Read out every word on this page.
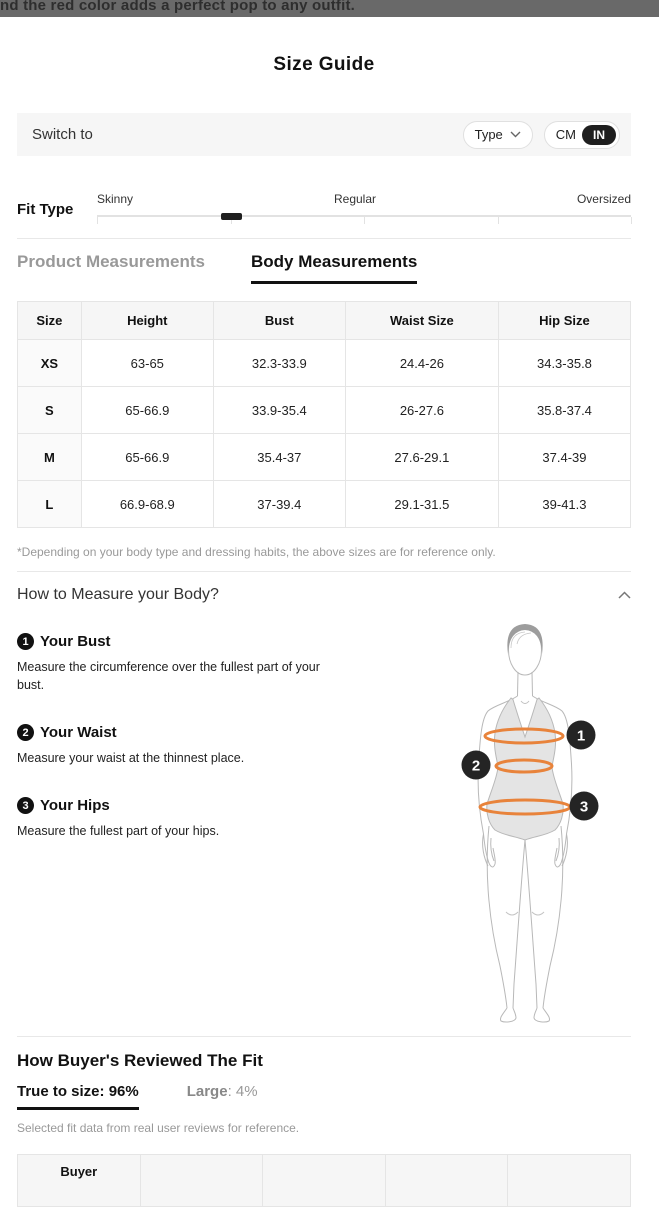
nd the red color adds a perfect pop to any outfit.
Size Guide
Switch to	Type	CM	IN
Fit Type
Skinny	Regular	Oversized
Product Measurements	Body Measurements
Size	Height	Bust	Waist Size	Hip Size
XS	63-65	32.3-33.9	24.4-26	34.3-35.8
S	65-66.9	33.9-35.4	26-27.6	35.8-37.4
M	65-66.9	35.4-37	27.6-29.1	37.4-39
L	66.9-68.9	37-39.4	29.1-31.5	39-41.3
*Depending on your body type and dressing habits, the above sizes are for reference only.
How to Measure your Body?
1 Your Bust
Measure the circumference over the fullest part of your bust.
2 Your Waist
Measure your waist at the thinnest place.
3 Your Hips
Measure the fullest part of your hips.
1
2
3
How Buyer's Reviewed The Fit
True to size: 96%	Large: 4%
Selected fit data from real user reviews for reference.
Buyer				
